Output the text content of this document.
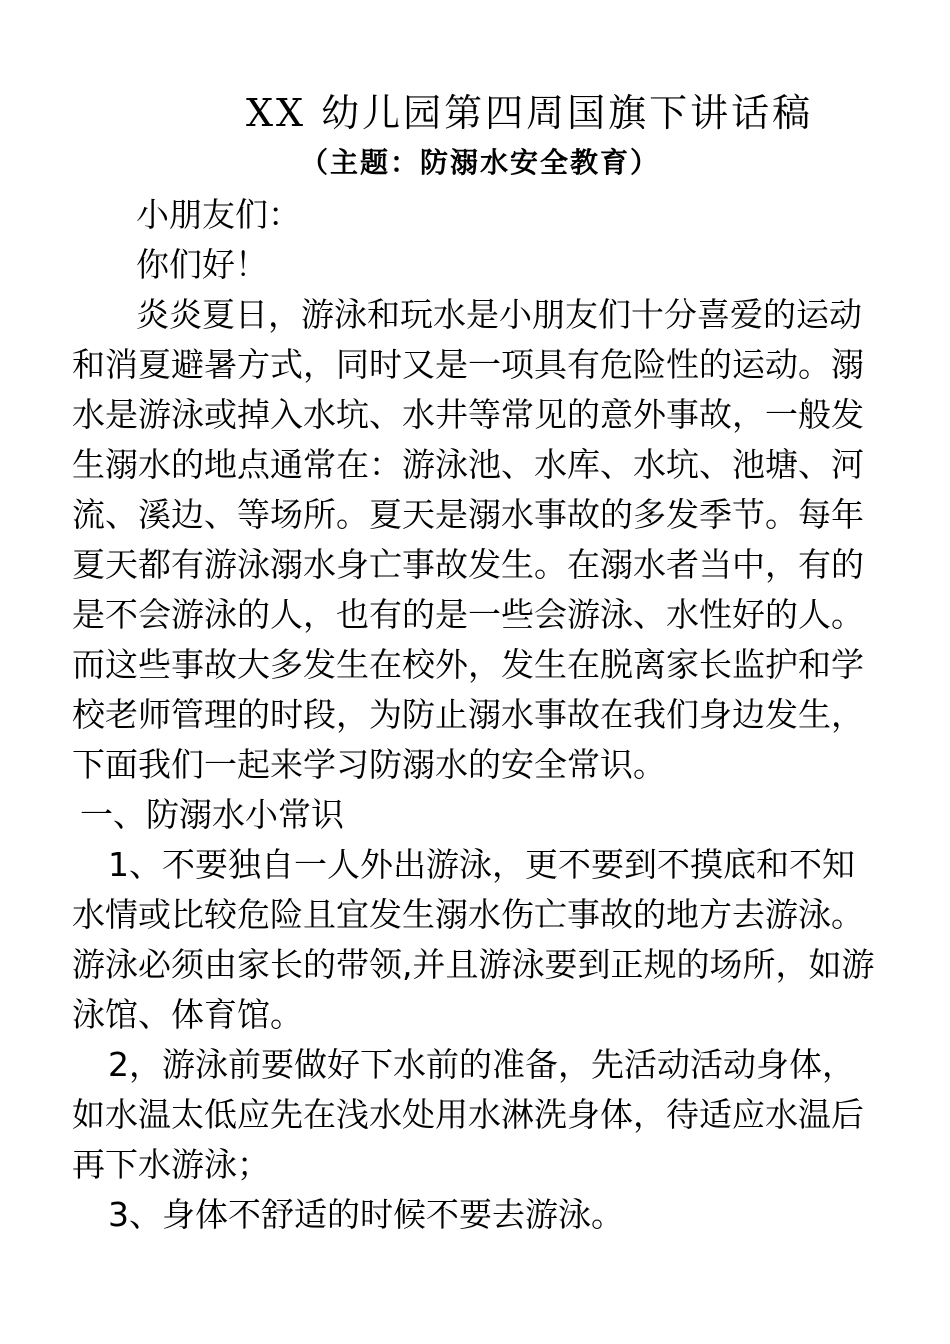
XX 幼儿园第四周国旗下讲话稿
（主题：防溺水安全教育）
小朋友们：
你们好！
炎炎夏日，游泳和玩水是小朋友们十分喜爱的运动
和消夏避暑方式，同时又是一项具有危险性的运动。溺
水是游泳或掉入水坑、水井等常见的意外事故，一般发
生溺水的地点通常在：游泳池、水库、水坑、池塘、河
流、溪边、等场所。夏天是溺水事故的多发季节。每年
夏天都有游泳溺水身亡事故发生。在溺水者当中，有的
是不会游泳的人，也有的是一些会游泳、水性好的人。
而这些事故大多发生在校外，发生在脱离家长监护和学
校老师管理的时段，为防止溺水事故在我们身边发生，
下面我们一起来学习防溺水的安全常识。
一、防溺水小常识
1、不要独自一人外出游泳，更不要到不摸底和不知
水情或比较危险且宜发生溺水伤亡事故的地方去游泳。
游泳必须由家长的带领,并且游泳要到正规的场所，如游
泳馆、体育馆。
2，游泳前要做好下水前的准备，先活动活动身体，
如水温太低应先在浅水处用水淋洗身体，待适应水温后
再下水游泳；
3、身体不舒适的时候不要去游泳。
